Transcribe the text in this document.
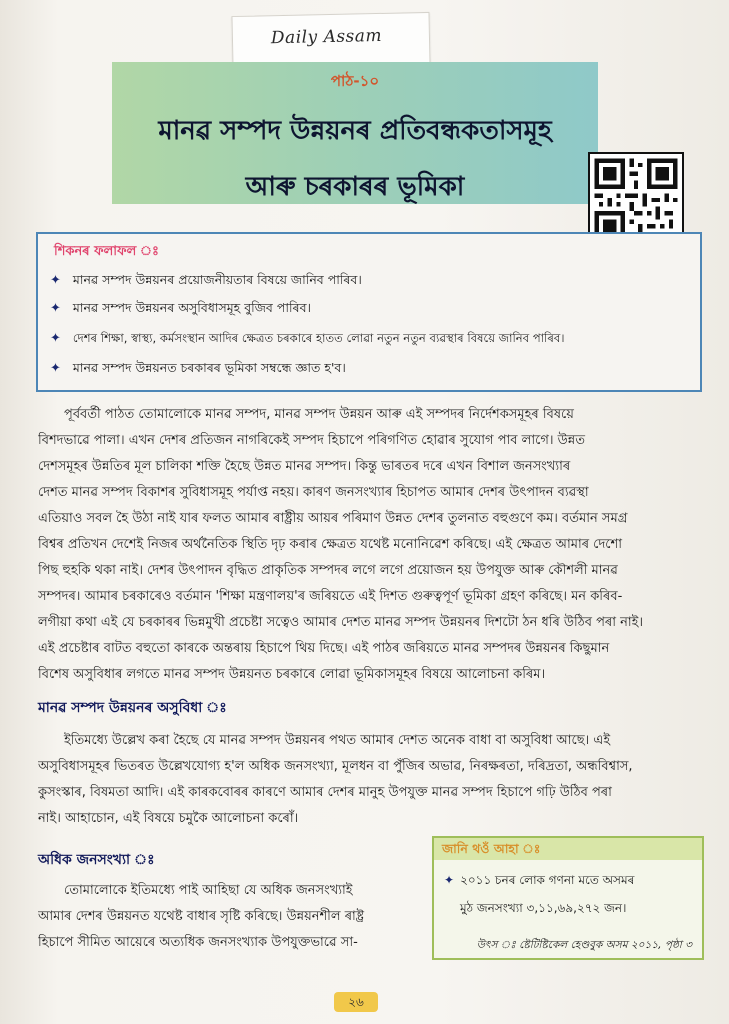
Daily Assam
পাঠ-১০
মানৱ সম্পদ উন্নয়নৰ প্ৰতিবন্ধকতাসমূহ
আৰু চৰকাৰৰ ভূমিকা
শিকনৰ ফলাফল ঃ
✦ মানৱ সম্পদ উন্নয়নৰ প্ৰয়োজনীয়তাৰ বিষয়ে জানিব পাৰিব।
✦ মানৱ সম্পদ উন্নয়নৰ অসুবিধাসমূহ বুজিব পাৰিব।
✦ দেশৰ শিক্ষা, স্বাস্থ্য, কৰ্মসংস্থান আদিৰ ক্ষেত্ৰত চৰকাৰে হাতত লোৱা নতুন নতুন ব্যৱস্থাৰ বিষয়ে জানিব পাৰিব।
✦ মানৱ সম্পদ উন্নয়নত চৰকাৰৰ ভূমিকা সম্বন্ধে জ্ঞাত হ'ব।
পূৰ্ববৰ্তী পাঠত তোমালোকে মানৱ সম্পদ, মানৱ সম্পদ উন্নয়ন আৰু এই সম্পদৰ নিৰ্দেশকসমূহৰ বিষয়ে
বিশদভাৱে পালা। এখন দেশৰ প্ৰতিজন নাগৰিকেই সম্পদ হিচাপে পৰিগণিত হোৱাৰ সুযোগ পাব লাগে। উন্নত
দেশসমূহৰ উন্নতিৰ মূল চালিকা শক্তি হৈছে উন্নত মানৱ সম্পদ। কিন্তু ভাৰতৰ দৰে এখন বিশাল জনসংখ্যাৰ
দেশত মানৱ সম্পদ বিকাশৰ সুবিধাসমূহ পৰ্যাপ্ত নহয়। কাৰণ জনসংখ্যাৰ হিচাপত আমাৰ দেশৰ উৎপাদন ব্যৱস্থা
এতিয়াও সবল হৈ উঠা নাই যাৰ ফলত আমাৰ ৰাষ্ট্ৰীয় আয়ৰ পৰিমাণ উন্নত দেশৰ তুলনাত বহুগুণে কম। বৰ্তমান সমগ্ৰ
বিশ্বৰ প্ৰতিখন দেশেই নিজৰ অৰ্থনৈতিক স্থিতি দৃঢ় কৰাৰ ক্ষেত্ৰত যথেষ্ট মনোনিৱেশ কৰিছে। এই ক্ষেত্ৰত আমাৰ দেশো
পিছ হুহকি থকা নাই। দেশৰ উৎপাদন বৃদ্ধিত প্ৰাকৃতিক সম্পদৰ লগে লগে প্ৰয়োজন হয় উপযুক্ত আৰু কৌশলী মানৱ
সম্পদৰ। আমাৰ চৰকাৰেও বৰ্তমান 'শিক্ষা মন্ত্ৰণালয়'ৰ জৰিয়তে এই দিশত গুৰুত্বপূৰ্ণ ভূমিকা গ্ৰহণ কৰিছে। মন কৰিব-
লগীয়া কথা এই যে চৰকাৰৰ ভিন্নমুখী প্ৰচেষ্টা সত্বেও আমাৰ দেশত মানৱ সম্পদ উন্নয়নৰ দিশটো ঠন ধৰি উঠিব পৰা নাই।
এই প্ৰচেষ্টাৰ বাটত বহুতো কাৰকে অন্তৰায় হিচাপে থিয় দিছে। এই পাঠৰ জৰিয়তে মানৱ সম্পদৰ উন্নয়নৰ কিছুমান
বিশেষ অসুবিধাৰ লগতে মানৱ সম্পদ উন্নয়নত চৰকাৰে লোৱা ভূমিকাসমূহৰ বিষয়ে আলোচনা কৰিম।
মানৱ সম্পদ উন্নয়নৰ অসুবিধা ঃ
ইতিমধ্যে উল্লেখ কৰা হৈছে যে মানৱ সম্পদ উন্নয়নৰ পথত আমাৰ দেশত অনেক বাধা বা অসুবিধা আছে। এই
অসুবিধাসমূহৰ ভিতৰত উল্লেখযোগ্য হ'ল অধিক জনসংখ্যা, মূলধন বা পুঁজিৰ অভাৱ, নিৰক্ষৰতা, দৰিদ্ৰতা, অন্ধবিশ্বাস,
কুসংস্কাৰ, বিষমতা আদি। এই কাৰকবোৰৰ কাৰণে আমাৰ দেশৰ মানুহ উপযুক্ত মানৱ সম্পদ হিচাপে গঢ়ি উঠিব পৰা
নাই। আহাচোন, এই বিষয়ে চমুকৈ আলোচনা কৰোঁ।
অধিক জনসংখ্যা ঃ
তোমালোকে ইতিমধ্যে পাই আহিছা যে অধিক জনসংখ্যাই
আমাৰ দেশৰ উন্নয়নত যথেষ্ট বাধাৰ সৃষ্টি কৰিছে। উন্নয়নশীল ৰাষ্ট্ৰ
হিচাপে সীমিত আয়েৰে অত্যধিক জনসংখ্যাক উপযুক্তভাৱে সা-
জানি থওঁ আহা ঃ
✦ ২০১১ চনৰ লোক গণনা মতে অসমৰ
মুঠ জনসংখ্যা ৩,১১,৬৯,২৭২ জন।
উৎস ঃ ষ্টেটিষ্টিকেল হেণ্ডবুক অসম ২০১১, পৃষ্ঠা ৩
২৬
